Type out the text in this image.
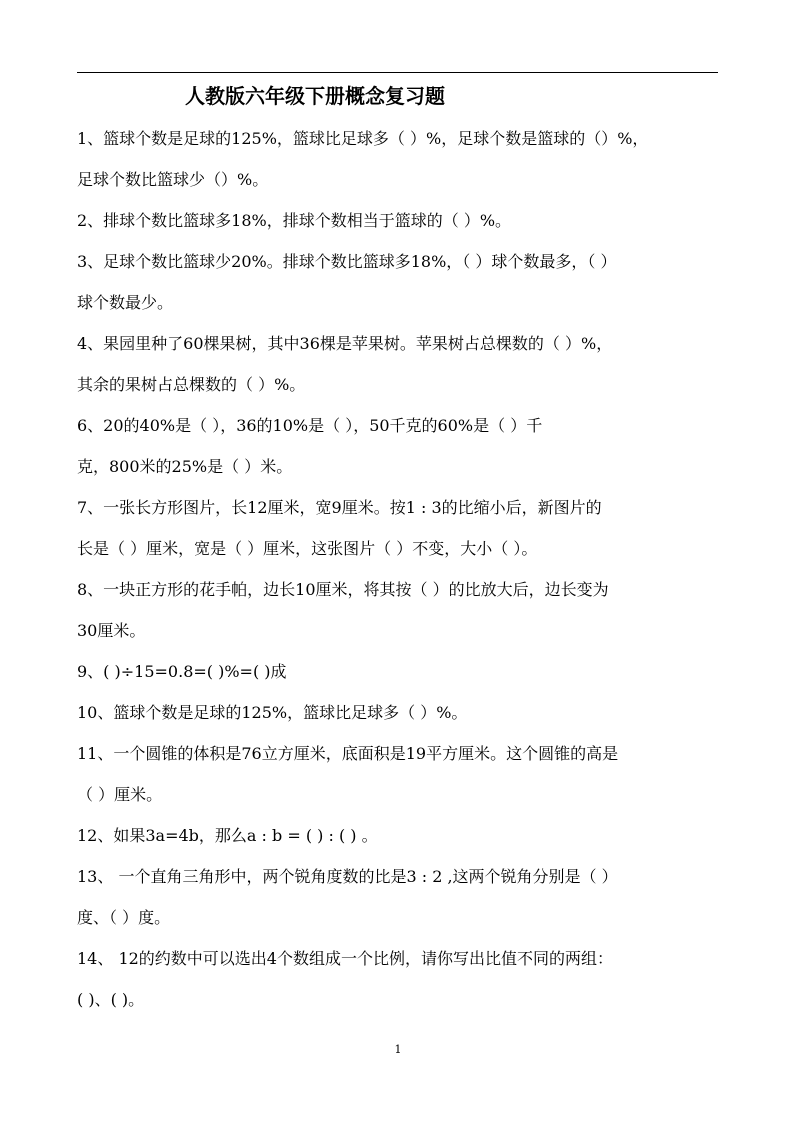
人教版六年级下册概念复习题
1、篮球个数是足球的125%，篮球比足球多（ ）%，足球个数是篮球的（）%，
足球个数比篮球少（）%。
2、排球个数比篮球多18%，排球个数相当于篮球的（ ）%。
3、足球个数比篮球少20%。排球个数比篮球多18%，（ ）球个数最多，（ ）
球个数最少。
4、果园里种了60棵果树，其中36棵是苹果树。苹果树占总棵数的（ ）%，
其余的果树占总棵数的（ ）%。
6、20的40%是（ ），36的10%是（ ），50千克的60%是（ ）千
克，800米的25%是（ ）米。
7、一张长方形图片，长12厘米，宽9厘米。按1 : 3的比缩小后，新图片的
长是（ ）厘米，宽是（ ）厘米，这张图片（ ）不变，大小（ ）。
8、一块正方形的花手帕，边长10厘米，将其按（ ）的比放大后，边长变为
30厘米。
9、( )÷15=0.8=( )%=( )成
10、篮球个数是足球的125%，篮球比足球多（ ）%。
11、一个圆锥的体积是76立方厘米，底面积是19平方厘米。这个圆锥的高是
（ ）厘米。
12、如果3a=4b，那么a : b = ( ) : ( ) 。
13、 一个直角三角形中，两个锐角度数的比是3 : 2 ,这两个锐角分别是（ ）
度、（ ）度。
14、 12的约数中可以选出4个数组成一个比例，请你写出比值不同的两组：
( )、( )。
1
